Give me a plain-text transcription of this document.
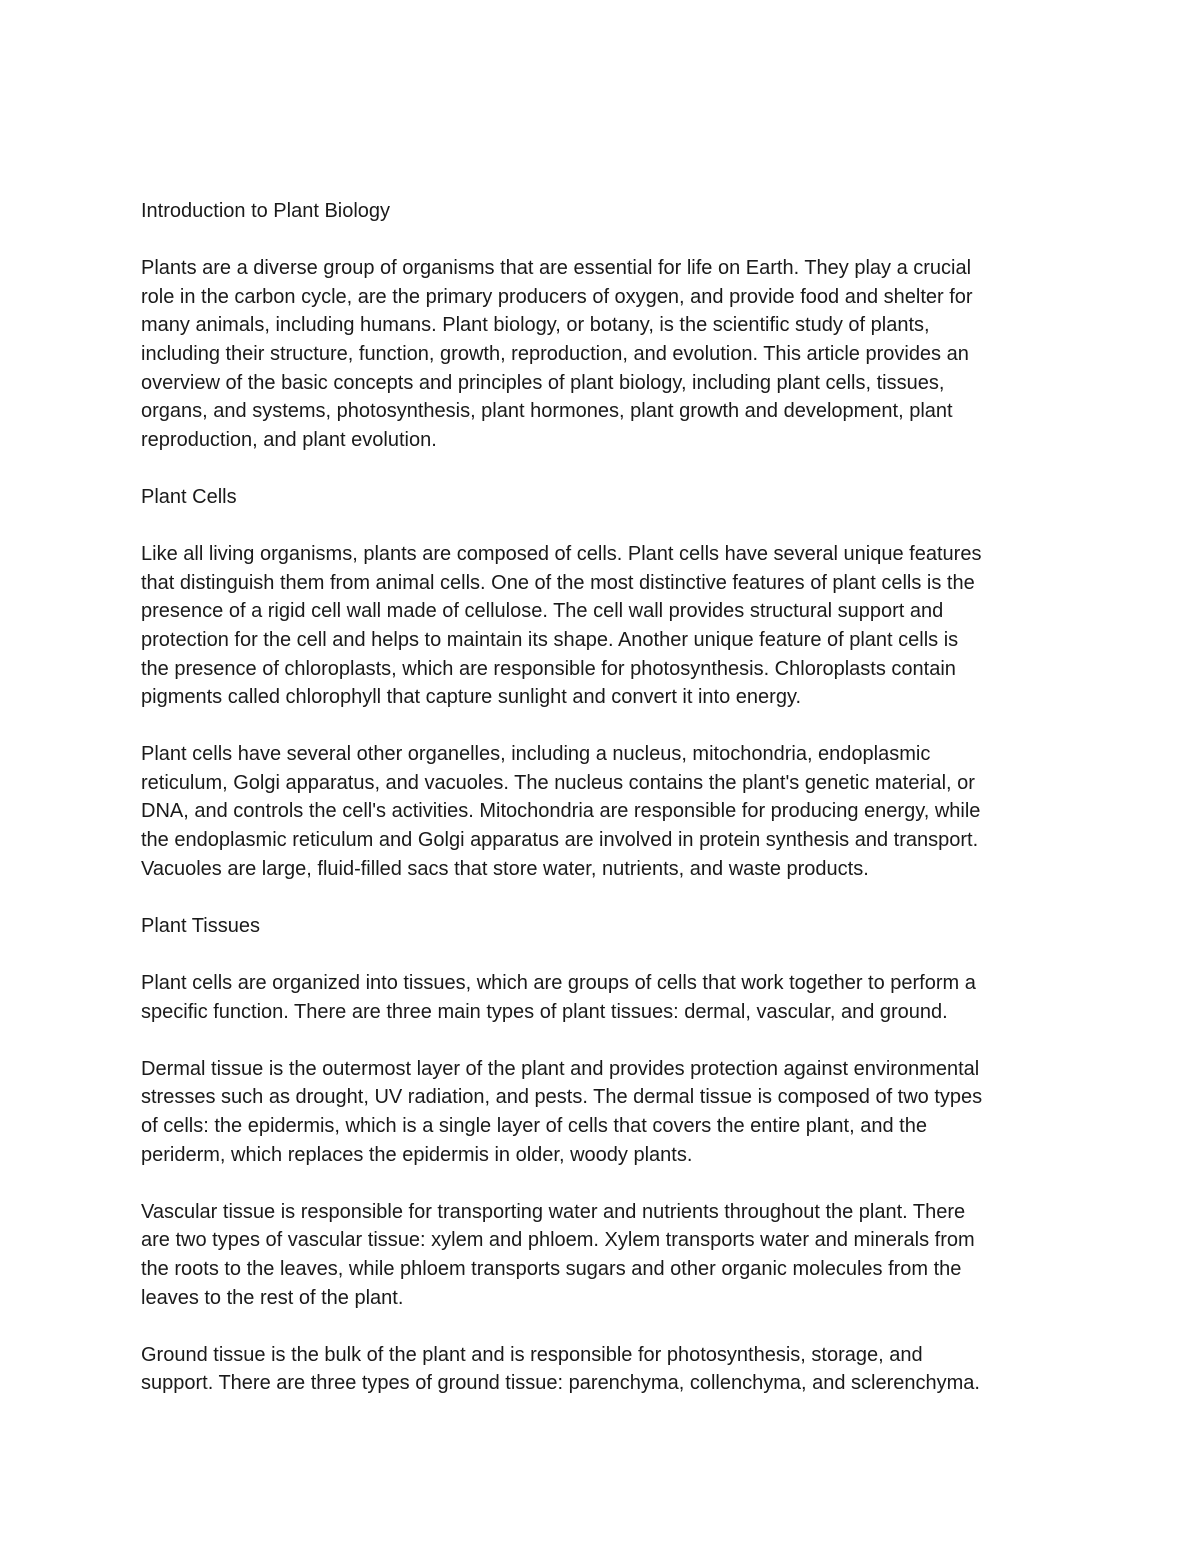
Introduction to Plant Biology
Plants are a diverse group of organisms that are essential for life on Earth. They play a crucial
role in the carbon cycle, are the primary producers of oxygen, and provide food and shelter for
many animals, including humans. Plant biology, or botany, is the scientific study of plants,
including their structure, function, growth, reproduction, and evolution. This article provides an
overview of the basic concepts and principles of plant biology, including plant cells, tissues,
organs, and systems, photosynthesis, plant hormones, plant growth and development, plant
reproduction, and plant evolution.
Plant Cells
Like all living organisms, plants are composed of cells. Plant cells have several unique features
that distinguish them from animal cells. One of the most distinctive features of plant cells is the
presence of a rigid cell wall made of cellulose. The cell wall provides structural support and
protection for the cell and helps to maintain its shape. Another unique feature of plant cells is
the presence of chloroplasts, which are responsible for photosynthesis. Chloroplasts contain
pigments called chlorophyll that capture sunlight and convert it into energy.
Plant cells have several other organelles, including a nucleus, mitochondria, endoplasmic
reticulum, Golgi apparatus, and vacuoles. The nucleus contains the plant's genetic material, or
DNA, and controls the cell's activities. Mitochondria are responsible for producing energy, while
the endoplasmic reticulum and Golgi apparatus are involved in protein synthesis and transport.
Vacuoles are large, fluid-filled sacs that store water, nutrients, and waste products.
Plant Tissues
Plant cells are organized into tissues, which are groups of cells that work together to perform a
specific function. There are three main types of plant tissues: dermal, vascular, and ground.
Dermal tissue is the outermost layer of the plant and provides protection against environmental
stresses such as drought, UV radiation, and pests. The dermal tissue is composed of two types
of cells: the epidermis, which is a single layer of cells that covers the entire plant, and the
periderm, which replaces the epidermis in older, woody plants.
Vascular tissue is responsible for transporting water and nutrients throughout the plant. There
are two types of vascular tissue: xylem and phloem. Xylem transports water and minerals from
the roots to the leaves, while phloem transports sugars and other organic molecules from the
leaves to the rest of the plant.
Ground tissue is the bulk of the plant and is responsible for photosynthesis, storage, and
support. There are three types of ground tissue: parenchyma, collenchyma, and sclerenchyma.
